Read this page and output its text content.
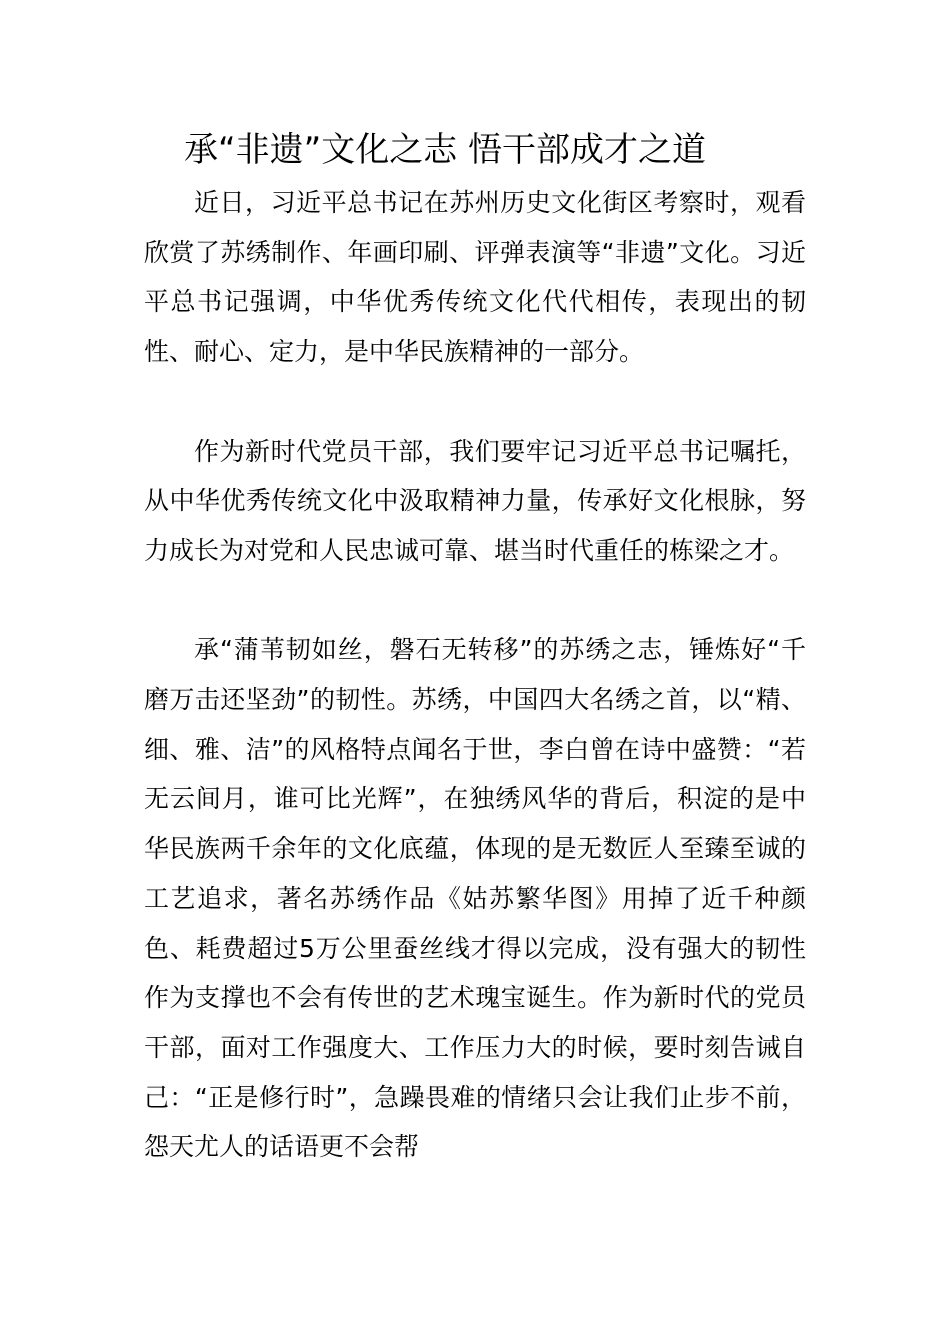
承“非遗”文化之志 悟干部成才之道

近日，习近平总书记在苏州历史文化街区考察时，观看欣赏了苏绣制作、年画印刷、评弹表演等“非遗”文化。习近平总书记强调，中华优秀传统文化代代相传，表现出的韧性、耐心、定力，是中华民族精神的一部分。

作为新时代党员干部，我们要牢记习近平总书记嘱托，从中华优秀传统文化中汲取精神力量，传承好文化根脉，努力成长为对党和人民忠诚可靠、堪当时代重任的栋梁之才。

承“蒲苇韧如丝，磐石无转移”的苏绣之志，锤炼好“千磨万击还坚劲”的韧性。苏绣，中国四大名绣之首，以“精、细、雅、洁”的风格特点闻名于世，李白曾在诗中盛赞：“若无云间月，谁可比光辉”，在独绣风华的背后，积淀的是中华民族两千余年的文化底蕴，体现的是无数匠人至臻至诚的工艺追求，著名苏绣作品《姑苏繁华图》用掉了近千种颜色、耗费超过5万公里蚕丝线才得以完成，没有强大的韧性作为支撑也不会有传世的艺术瑰宝诞生。作为新时代的党员干部，面对工作强度大、工作压力大的时候，要时刻告诫自己：“正是修行时”，急躁畏难的情绪只会让我们止步不前，怨天尤人的话语更不会帮
